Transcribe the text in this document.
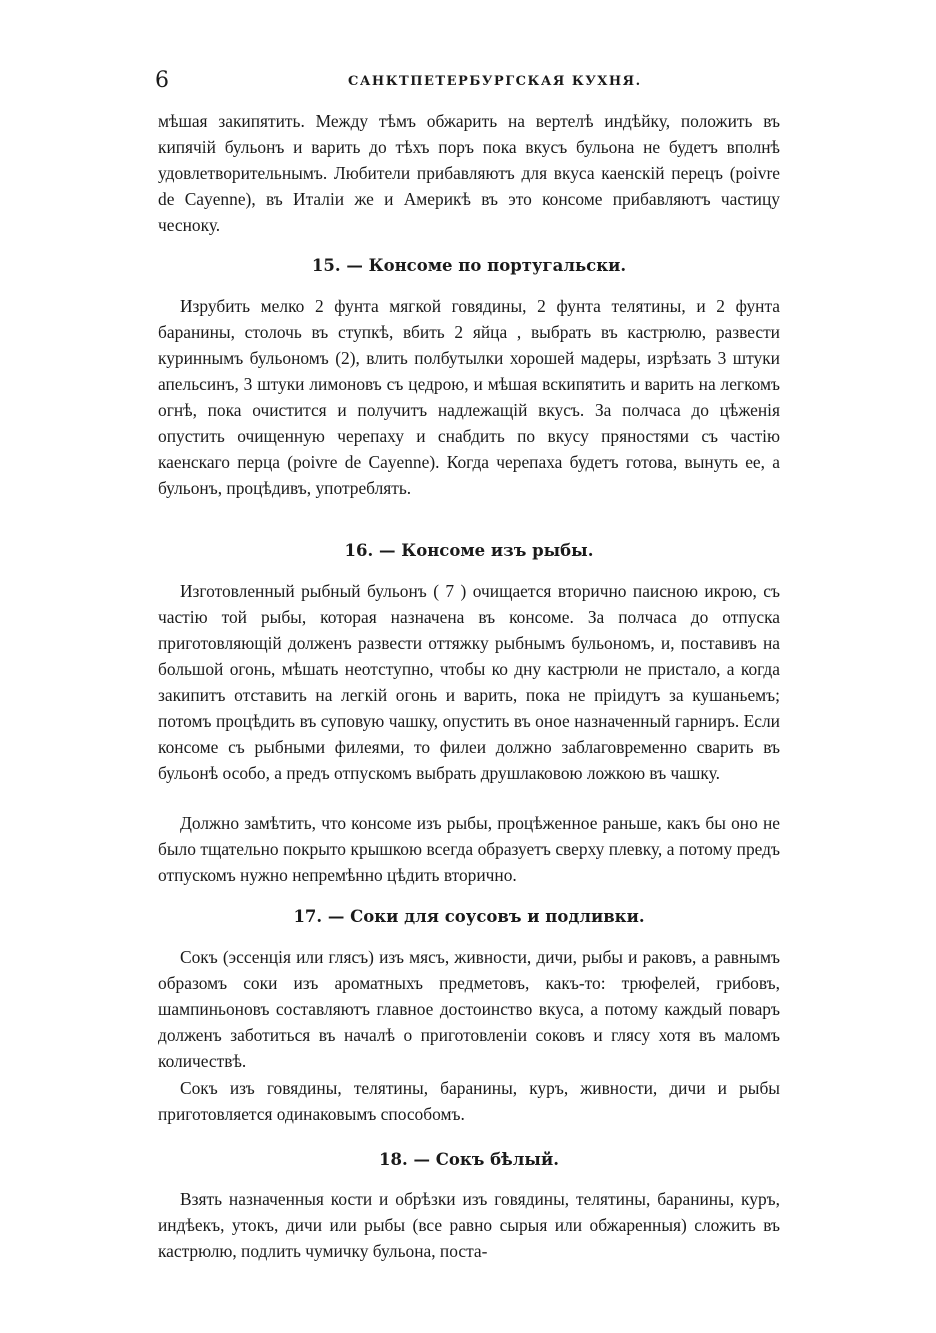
6	САНКТПЕТЕРБУРГСКАЯ КУХНЯ.

мѣшая закипятить. Между тѣмъ обжарить на вертелѣ индѣйку, положить въ кипячій бульонъ и варить до тѣхъ поръ пока вкусъ бульона не будетъ вполнѣ удовлетворительнымъ. Любители прибавляютъ для вкуса каенскій перецъ (poivre de Cayenne), въ Италіи же и Америкѣ въ это консоме прибавляютъ частицу чесноку.

15. — Консоме по португальски.

Изрубить мелко 2 фунта мягкой говядины, 2 фунта телятины, и 2 фунта баранины, столочь въ ступкѣ, вбить 2 яйца , выбрать въ кастрюлю, развести куриннымъ бульономъ (2), влить полбутылки хорошей мадеры, изрѣзать 3 штуки апельсинъ, 3 штуки лимоновъ съ цедрою, и мѣшая вскипятить и варить на легкомъ огнѣ, пока очистится и получитъ надлежащій вкусъ. За полчаса до цѣженія опустить очищенную черепаху и снабдить по вкусу пряностями съ частію каенскаго перца (poivre de Cayenne). Когда черепаха будетъ готова, вынуть ее, а бульонъ, процѣдивъ, употреблять.

16. — Консоме изъ рыбы.

Изготовленный рыбный бульонъ ( 7 ) очищается вторично паисною икрою, съ частію той рыбы, которая назначена въ консоме. За полчаса до отпуска приготовляющій долженъ развести оттяжку рыбнымъ бульономъ, и, поставивъ на большой огонь, мѣшать неотступно, чтобы ко дну кастрюли не пристало, а когда закипитъ отставить на легкій огонь и варить, пока не пріидутъ за кушаньемъ; потомъ процѣдить въ суповую чашку, опустить въ оное назначенный гарниръ. Если консоме съ рыбными филеями, то филеи должно заблаговременно сварить въ бульонѣ особо, а предъ отпускомъ выбрать друшлаковою ложкою въ чашку.

Должно замѣтить, что консоме изъ рыбы, процѣженное раньше, какъ бы оно не было тщательно покрыто крышкою всегда образуетъ сверху плевку, а потому предъ отпускомъ нужно непремѣнно цѣдить вторично.

17. — Соки для соусовъ и подливки.

Сокъ (эссенція или глясъ) изъ мясъ, живности, дичи, рыбы и раковъ, а равнымъ образомъ соки изъ ароматныхъ предметовъ, какъ-то: трюфелей, грибовъ, шампиньоновъ составляютъ главное достоинство вкуса, а потому каждый поваръ долженъ заботиться въ началѣ о приготовленіи соковъ и глясу хотя въ маломъ количествѣ.

Сокъ изъ говядины, телятины, баранины, куръ, живности, дичи и рыбы приготовляется одинаковымъ способомъ.

18. — Сокъ бѣлый.

Взять назначенныя кости и обрѣзки изъ говядины, телятины, баранины, куръ, индѣекъ, утокъ, дичи или рыбы (все равно сырыя или обжаренныя) сложить въ кастрюлю, подлить чумичку бульона, поста-
